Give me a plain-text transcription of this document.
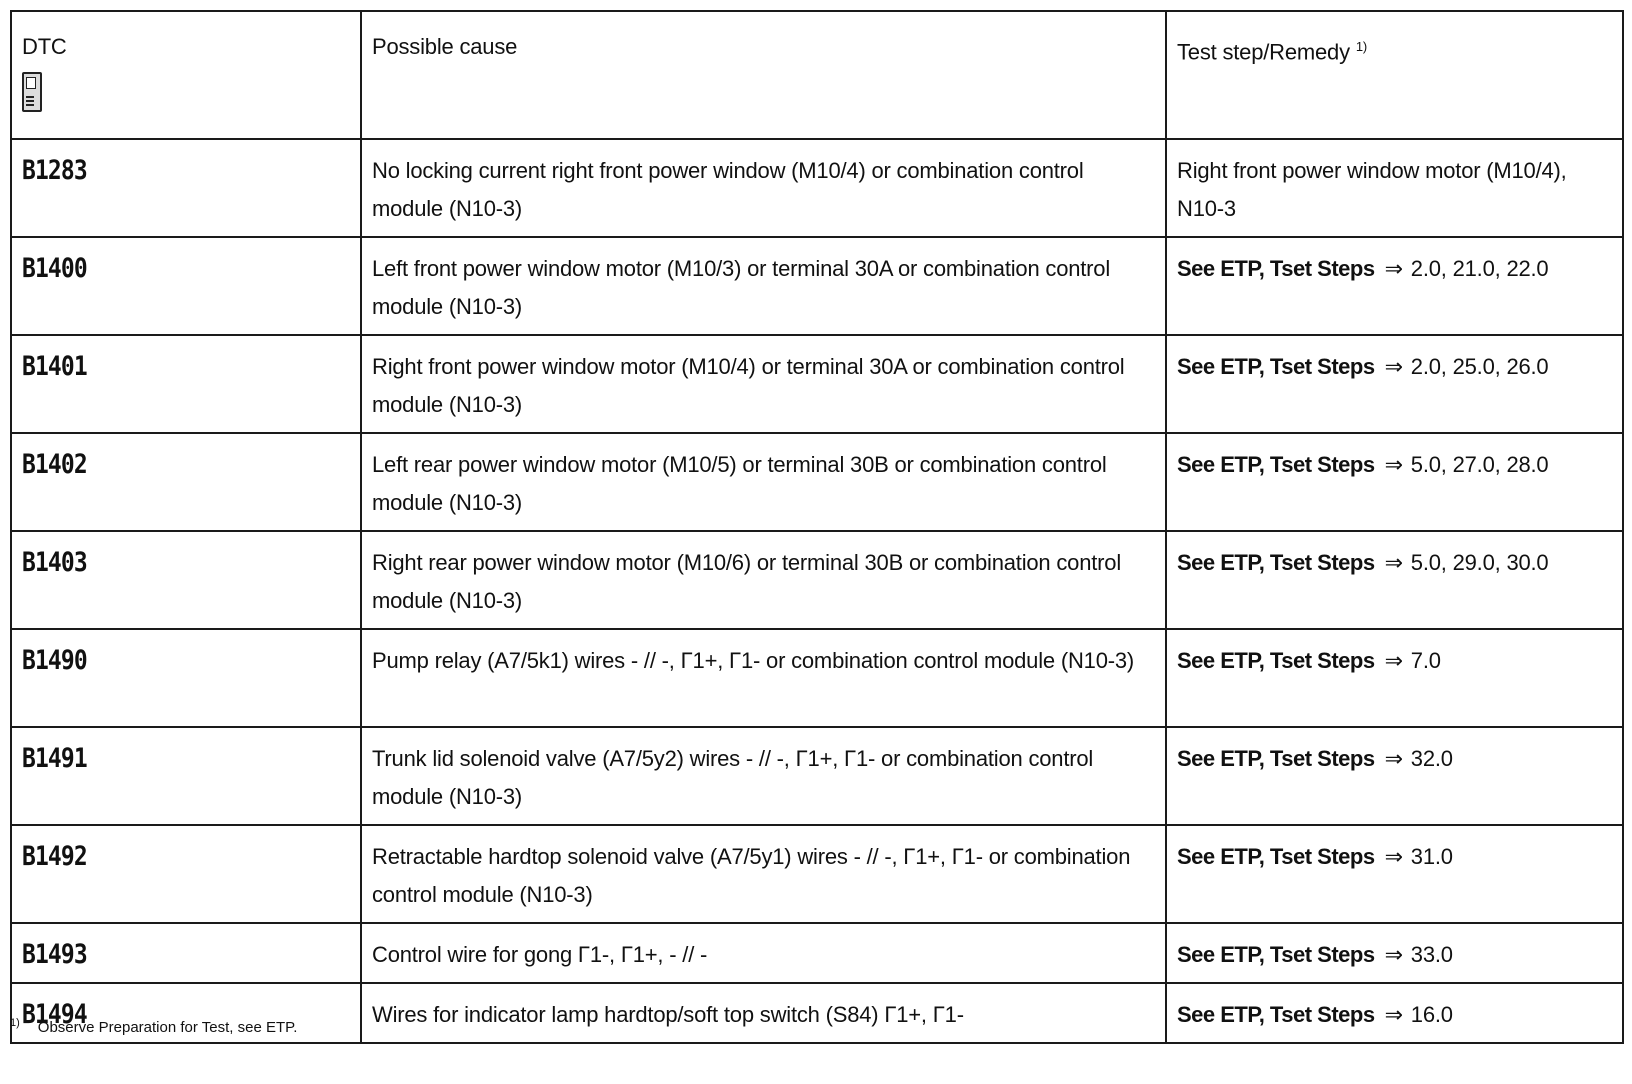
DTC	Possible cause	Test step/Remedy $^{1)}$
B1283	No locking current right front power window (M10/4) or combination control module (N10-3)	Right front power window motor (M10/4), N10-3
B1400	Left front power window motor (M10/3) or terminal 30A or combination control module (N10-3)	See ETP, Tset Steps ⇒ 2.0, 21.0, 22.0
B1401	Right front power window motor (M10/4) or terminal 30A or combination control module (N10-3)	See ETP, Tset Steps ⇒ 2.0, 25.0, 26.0
B1402	Left rear power window motor (M10/5) or terminal 30B or combination control module (N10-3)	See ETP, Tset Steps ⇒ 5.0, 27.0, 28.0
B1403	Right rear power window motor (M10/6) or terminal 30B or combination control module (N10-3)	See ETP, Tset Steps ⇒ 5.0, 29.0, 30.0
B1490	Pump relay (A7/5k1) wires - // -, Γ1+, Γ1- or combination control module (N10-3)	See ETP, Tset Steps ⇒ 7.0
B1491	Trunk lid solenoid valve (A7/5y2) wires - // -, Γ1+, Γ1- or combination control module (N10-3)	See ETP, Tset Steps ⇒ 32.0
B1492	Retractable hardtop solenoid valve (A7/5y1) wires - // -, Γ1+, Γ1- or combination control module (N10-3)	See ETP, Tset Steps ⇒ 31.0
B1493	Control wire for gong Γ1-, Γ1+, - // -	See ETP, Tset Steps ⇒ 33.0
B1494	Wires for indicator lamp hardtop/soft top switch (S84) Γ1+, Γ1-	See ETP, Tset Steps ⇒ 16.0
$^{1)}$ Observe Preparation for Test, see ETP.
